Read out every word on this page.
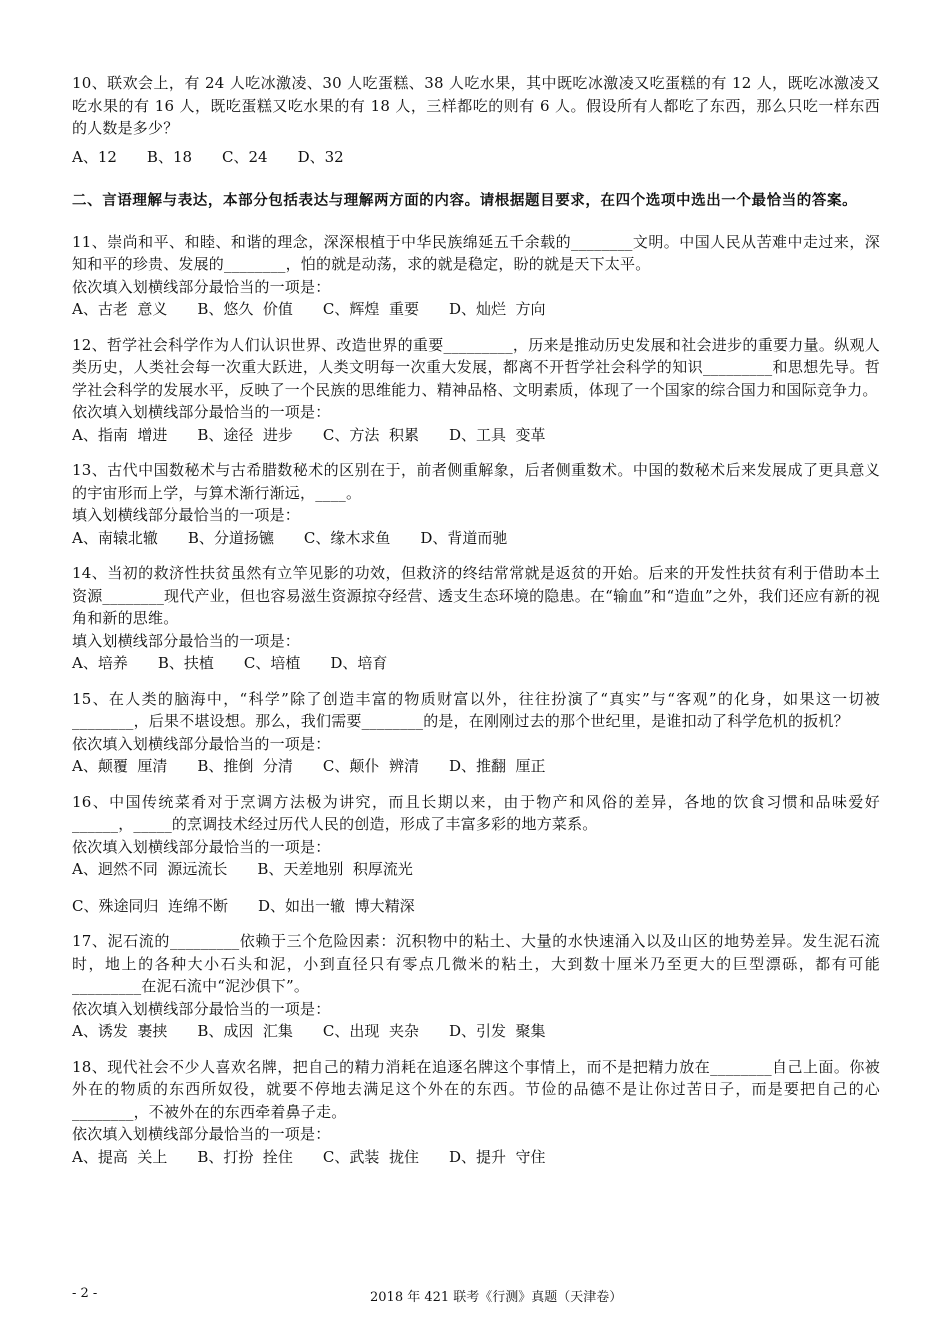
10、联欢会上，有 24 人吃冰激凌、30 人吃蛋糕、38 人吃水果，其中既吃冰激凌又吃蛋糕的有 12 人，既吃冰激凌又吃水果的有 16 人，既吃蛋糕又吃水果的有 18 人，三样都吃的则有 6 人。假设所有人都吃了东西，那么只吃一样东西的人数是多少？

A、12　　B、18　　C、24　　D、32
二、言语理解与表达，本部分包括表达与理解两方面的内容。请根据题目要求，在四个选项中选出一个最恰当的答案。

11、崇尚和平、和睦、和谐的理念，深深根植于中华民族绵延五千余载的________文明。中国人民从苦难中走过来，深知和平的珍贵、发展的________，怕的就是动荡，求的就是稳定，盼的就是天下太平。

依次填入划横线部分最恰当的一项是：

A、古老  意义　　B、悠久  价值　　C、辉煌  重要　　D、灿烂  方向

12、哲学社会科学作为人们认识世界、改造世界的重要_________，历来是推动历史发展和社会进步的重要力量。纵观人类历史，人类社会每一次重大跃进，人类文明每一次重大发展，都离不开哲学社会科学的知识_________和思想先导。哲学社会科学的发展水平，反映了一个民族的思维能力、精神品格、文明素质，体现了一个国家的综合国力和国际竞争力。

依次填入划横线部分最恰当的一项是：

A、指南  增进　　B、途径  进步　　C、方法  积累　　D、工具  变革

13、古代中国数秘术与古希腊数秘术的区别在于，前者侧重解象，后者侧重数术。中国的数秘术后来发展成了更具意义的宇宙形而上学，与算术渐行渐远，____。

填入划横线部分最恰当的一项是：

A、南辕北辙　　B、分道扬镳　　C、缘木求鱼　　D、背道而驰

14、当初的救济性扶贫虽然有立竿见影的功效，但救济的终结常常就是返贫的开始。后来的开发性扶贫有利于借助本土资源________现代产业，但也容易滋生资源掠夺经营、透支生态环境的隐患。在“输血”和“造血”之外，我们还应有新的视角和新的思维。

填入划横线部分最恰当的一项是：

A、培养　　B、扶植　　C、培植　　D、培育

15、在人类的脑海中，“科学”除了创造丰富的物质财富以外，往往扮演了“真实”与“客观”的化身，如果这一切被________，后果不堪设想。那么，我们需要________的是，在刚刚过去的那个世纪里，是谁扣动了科学危机的扳机？

依次填入划横线部分最恰当的一项是：

A、颠覆  厘清　　B、推倒  分清　　C、颠仆  辨清　　D、推翻  厘正

16、中国传统菜肴对于烹调方法极为讲究，而且长期以来，由于物产和风俗的差异，各地的饮食习惯和品味爱好______，_____的烹调技术经过历代人民的创造，形成了丰富多彩的地方菜系。

依次填入划横线部分最恰当的一项是：

A、迥然不同  源远流长　　B、天差地别  积厚流光
C、殊途同归  连绵不断　　D、如出一辙  博大精深

17、泥石流的_________依赖于三个危险因素：沉积物中的粘土、大量的水快速涌入以及山区的地势差异。发生泥石流时，地上的各种大小石头和泥，小到直径只有零点几微米的粘土，大到数十厘米乃至更大的巨型漂砾，都有可能_________在泥石流中“泥沙俱下”。

依次填入划横线部分最恰当的一项是：

A、诱发  裹挟　　B、成因  汇集　　C、出现  夹杂　　D、引发  聚集

18、现代社会不少人喜欢名牌，把自己的精力消耗在追逐名牌这个事情上，而不是把精力放在________自己上面。你被外在的物质的东西所奴役，就要不停地去满足这个外在的东西。节俭的品德不是让你过苦日子，而是要把自己的心________，不被外在的东西牵着鼻子走。

依次填入划横线部分最恰当的一项是：

A、提高  关上　　B、打扮  拴住　　C、武装  拢住　　D、提升  守住
- 2 -	2018 年 421 联考《行测》真题（天津卷）
